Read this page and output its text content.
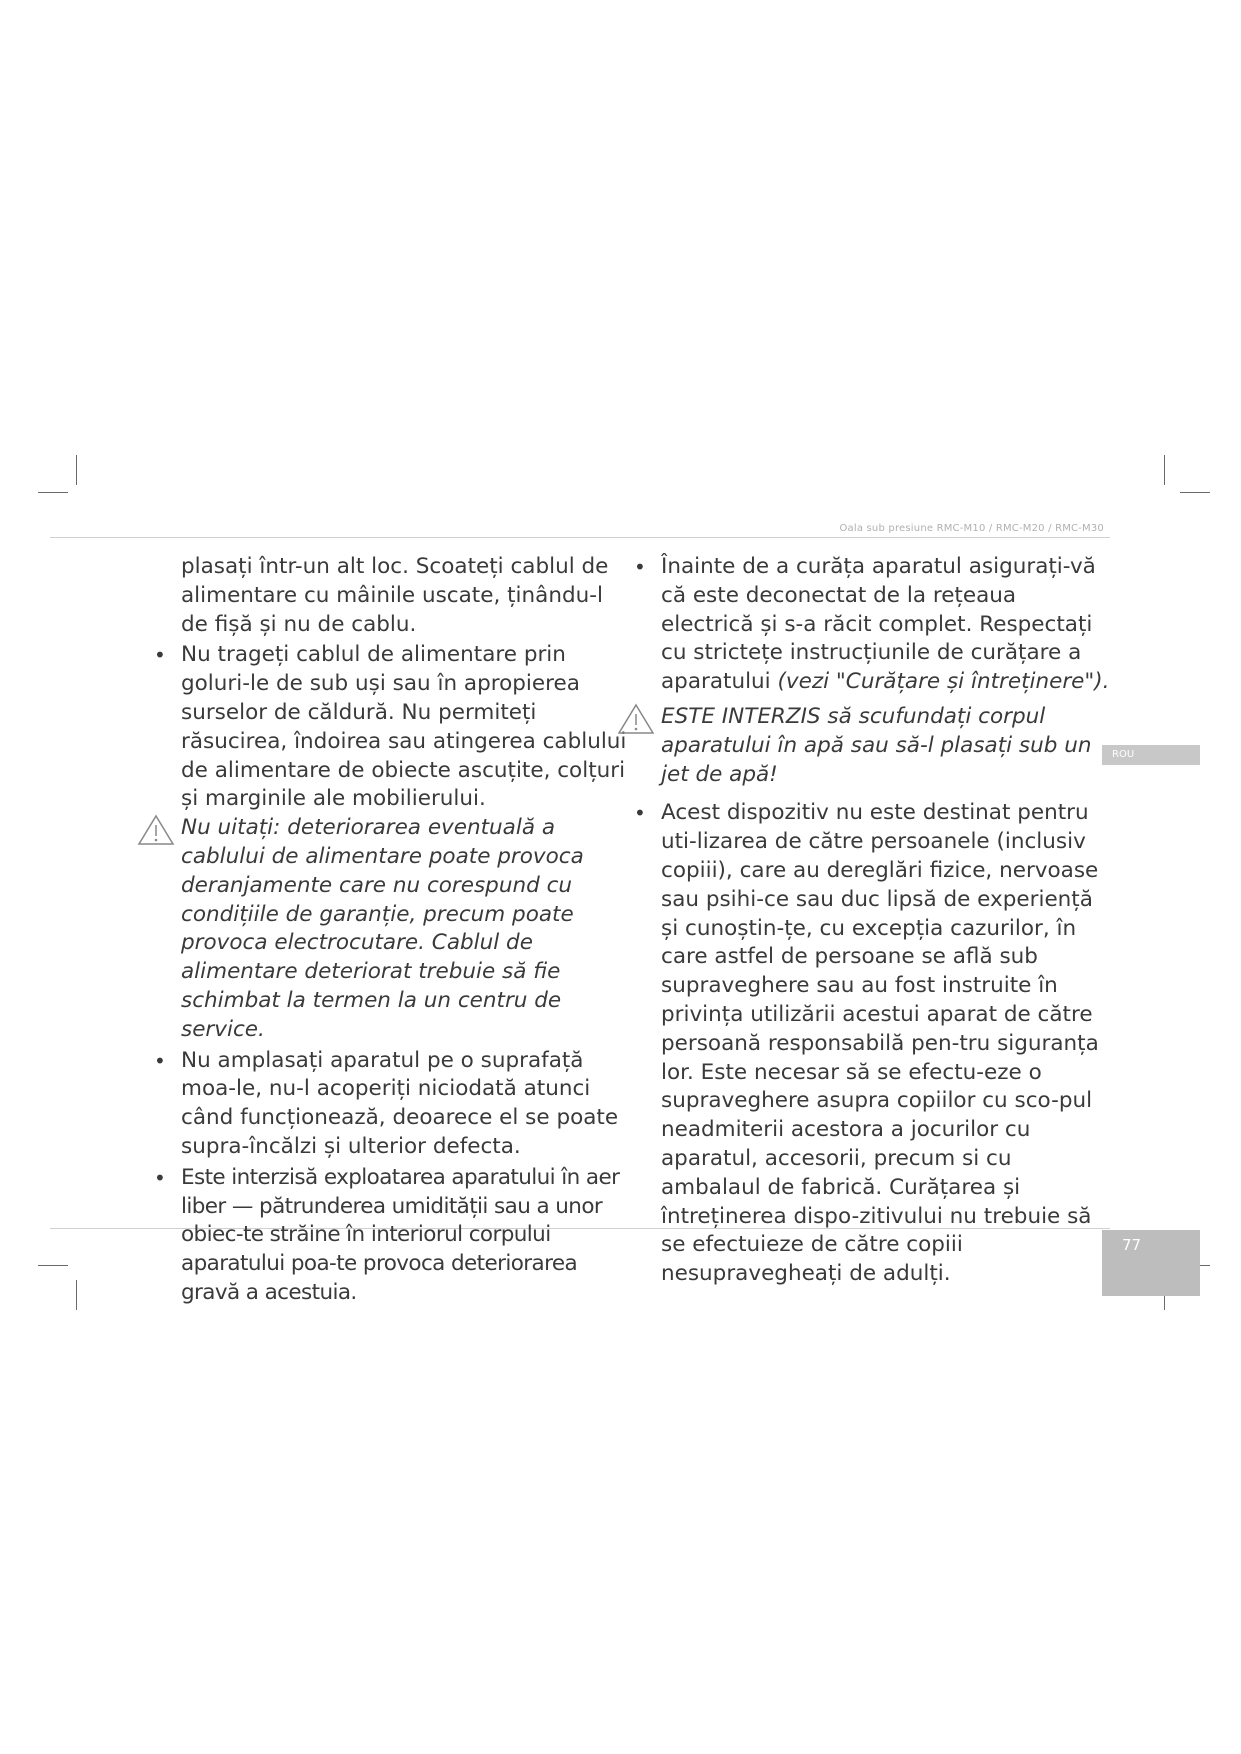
Oala sub presiune RMC-M10 / RMC-M20 / RMC-M30
ROU
77

plasați într-un alt loc. Scoateți cablul de alimentare cu mâinile uscate, ținându-l de fișă și nu de cablu.

• Nu trageți cablul de alimentare prin goluri-le de sub uși sau în apropierea surselor de căldură. Nu permiteți răsucirea, îndoirea sau atingerea cablului de alimentare de obiecte ascuțite, colțuri și marginile ale mobilierului.

Nu uitați: deteriorarea eventuală a cablului de alimentare poate provoca deranjamente care nu corespund cu condițiile de garanție, precum poate provoca electrocutare. Cablul de alimentare deteriorat trebuie să fie schimbat la termen la un centru de service.

• Nu amplasați aparatul pe o suprafață moa-le, nu-l acoperiți niciodată atunci când funcționează, deoarece el se poate supra-încălzi și ulterior defecta.

• Este interzisă exploatarea aparatului în aer liber — pătrunderea umidității sau a unor obiec-te străine în interiorul corpului aparatului poa-te provoca deteriorarea gravă a acestuia.

• Înainte de a curăța aparatul asigurați-vă că este deconectat de la rețeaua electrică și s-a răcit complet. Respectați cu strictețe instrucțiunile de curățare a aparatului (vezi "Curățare și întreținere").

ESTE INTERZIS să scufundați corpul aparatului în apă sau să-l plasați sub un jet de apă!

• Acest dispozitiv nu este destinat pentru uti-lizarea de către persoanele (inclusiv copiii), care au dereglări fizice, nervoase sau psihi-ce sau duc lipsă de experiență și cunoștin-țe, cu excepția cazurilor, în care astfel de persoane se află sub supraveghere sau au fost instruite în privința utilizării acestui aparat de către persoană responsabilă pen-tru siguranța lor. Este necesar să se efectu-eze o supraveghere asupra copiilor cu sco-pul neadmiterii acestora a jocurilor cu aparatul, accesorii, precum si cu ambalaul de fabrică. Curățarea și întreținerea dispo-zitivului nu trebuie să se efectuieze de către copiii nesupravegheați de adulți.
